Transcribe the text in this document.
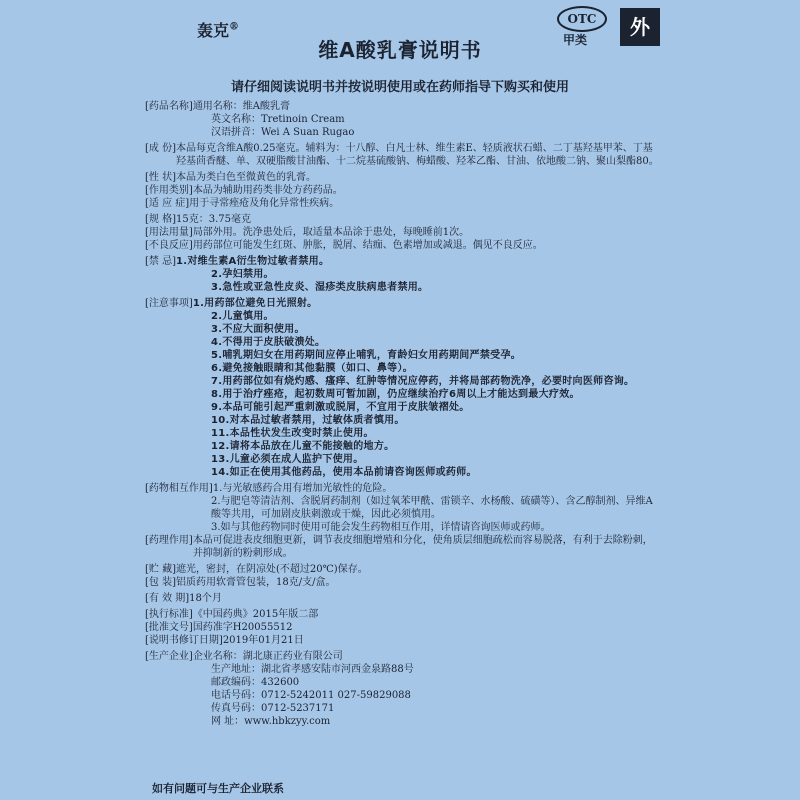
轰克®
OTC
甲类
外
维A酸乳膏说明书
请仔细阅读说明书并按说明使用或在药师指导下购买和使用
[药品名称] 通用名称：维A酸乳膏
英文名称：Tretinoin Cream
汉语拼音：Wei A Suan Rugao
[成 份] 本品每克含维A酸0.25毫克。辅料为：十八醇、白凡士林、维生素E、轻质液状石蜡、二丁基羟基甲苯、丁基羟基茴香醚、单、双硬脂酸甘油酯、十二烷基硫酸钠、梅蜡酸、羟苯乙酯、甘油、依地酸二钠、聚山梨酯80。
[性 状] 本品为类白色至微黄色的乳膏。
[作用类别] 本品为辅助用药类非处方药药品。
[适 应 症] 用于寻常痤疮及角化异常性疾病。
[规 格] 15克：3.75毫克
[用法用量] 局部外用。洗净患处后，取适量本品涂于患处，每晚睡前1次。
[不良反应] 用药部位可能发生红斑、肿胀，脱屑、结痂、色素增加或减退。偶见不良反应。
[禁 忌] 1.对维生素A衍生物过敏者禁用。
2.孕妇禁用。
3.急性或亚急性皮炎、湿疹类皮肤病患者禁用。
[注意事项] 1.用药部位避免日光照射。
2.儿童慎用。
3.不应大面积使用。
4.不得用于皮肤破溃处。
5.哺乳期妇女在用药期间应停止哺乳，育龄妇女用药期间严禁受孕。
6.避免接触眼睛和其他黏膜（如口、鼻等）。
7.用药部位如有烧灼感、瘙痒、红肿等情况应停药，并将局部药物洗净，必要时向医师咨询。
8.用于治疗痤疮，起初数周可暂加剧，仍应继续治疗6周以上才能达到最大疗效。
9.本品可能引起严重刺激或脱屑，不宜用于皮肤皱褶处。
10.对本品过敏者禁用，过敏体质者慎用。
11.本品性状发生改变时禁止使用。
12.请将本品放在儿童不能接触的地方。
13.儿童必须在成人监护下使用。
14.如正在使用其他药品，使用本品前请咨询医师或药师。
[药物相互作用] 1.与光敏感药合用有增加光敏性的危险。
2.与肥皂等清洁剂、含脱屑药制剂（如过氧苯甲酰、雷锁辛、水杨酸、硫磺等）、含乙醇制剂、异维A酸等共用，可加剧皮肤刺激或干燥，因此必须慎用。
3.如与其他药物同时使用可能会发生药物相互作用，详情请咨询医师或药师。
[药理作用] 本品可促进表皮细胞更新，调节表皮细胞增殖和分化，使角质层细胞疏松而容易脱落，有利于去除粉刺，并抑制新的粉刺形成。
[贮 藏] 遮光，密封，在阴凉处(不超过20℃)保存。
[包 装] 铝质药用软膏管包装，18克/支/盒。
[有 效 期] 18个月
[执行标准] 《中国药典》2015年版二部
[批准文号] 国药准字H20055512
[说明书修订日期] 2019年01月21日
[生产企业] 企业名称：湖北康正药业有限公司
生产地址：湖北省孝感安陆市河西金泉路88号
邮政编码：432600
电话号码：0712-5242011 027-59829088
传真号码：0712-5237171
网 址：www.hbkzyy.com
如有问题可与生产企业联系
